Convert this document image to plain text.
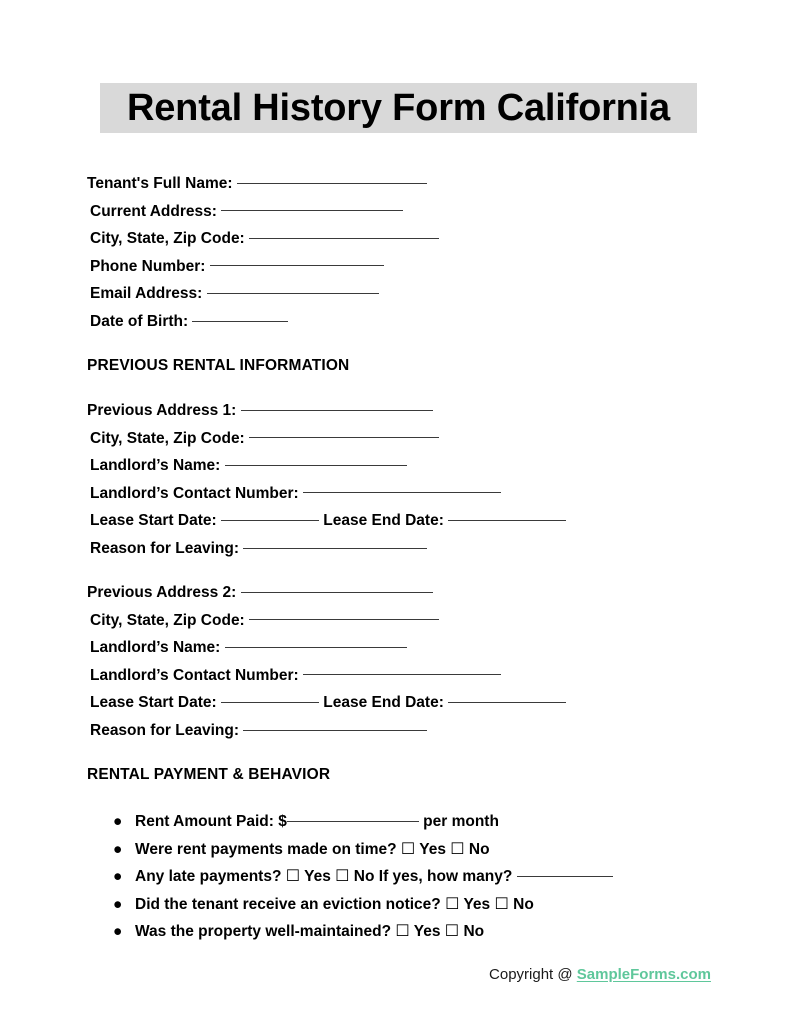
Rental History Form California
Tenant's Full Name:
Current Address:
City, State, Zip Code:
Phone Number:
Email Address:
Date of Birth:
PREVIOUS RENTAL INFORMATION
Previous Address 1:
City, State, Zip Code:
Landlord’s Name:
Landlord’s Contact Number:
Lease Start Date:	Lease End Date:
Reason for Leaving:
Previous Address 2:
City, State, Zip Code:
Landlord’s Name:
Landlord’s Contact Number:
Lease Start Date:	Lease End Date:
Reason for Leaving:
RENTAL PAYMENT & BEHAVIOR
● Rent Amount Paid: $	per month
● Were rent payments made on time? ☐ Yes ☐ No
● Any late payments? ☐ Yes ☐ No If yes, how many?
● Did the tenant receive an eviction notice? ☐ Yes ☐ No
● Was the property well-maintained? ☐ Yes ☐ No
Copyright @ SampleForms.com
